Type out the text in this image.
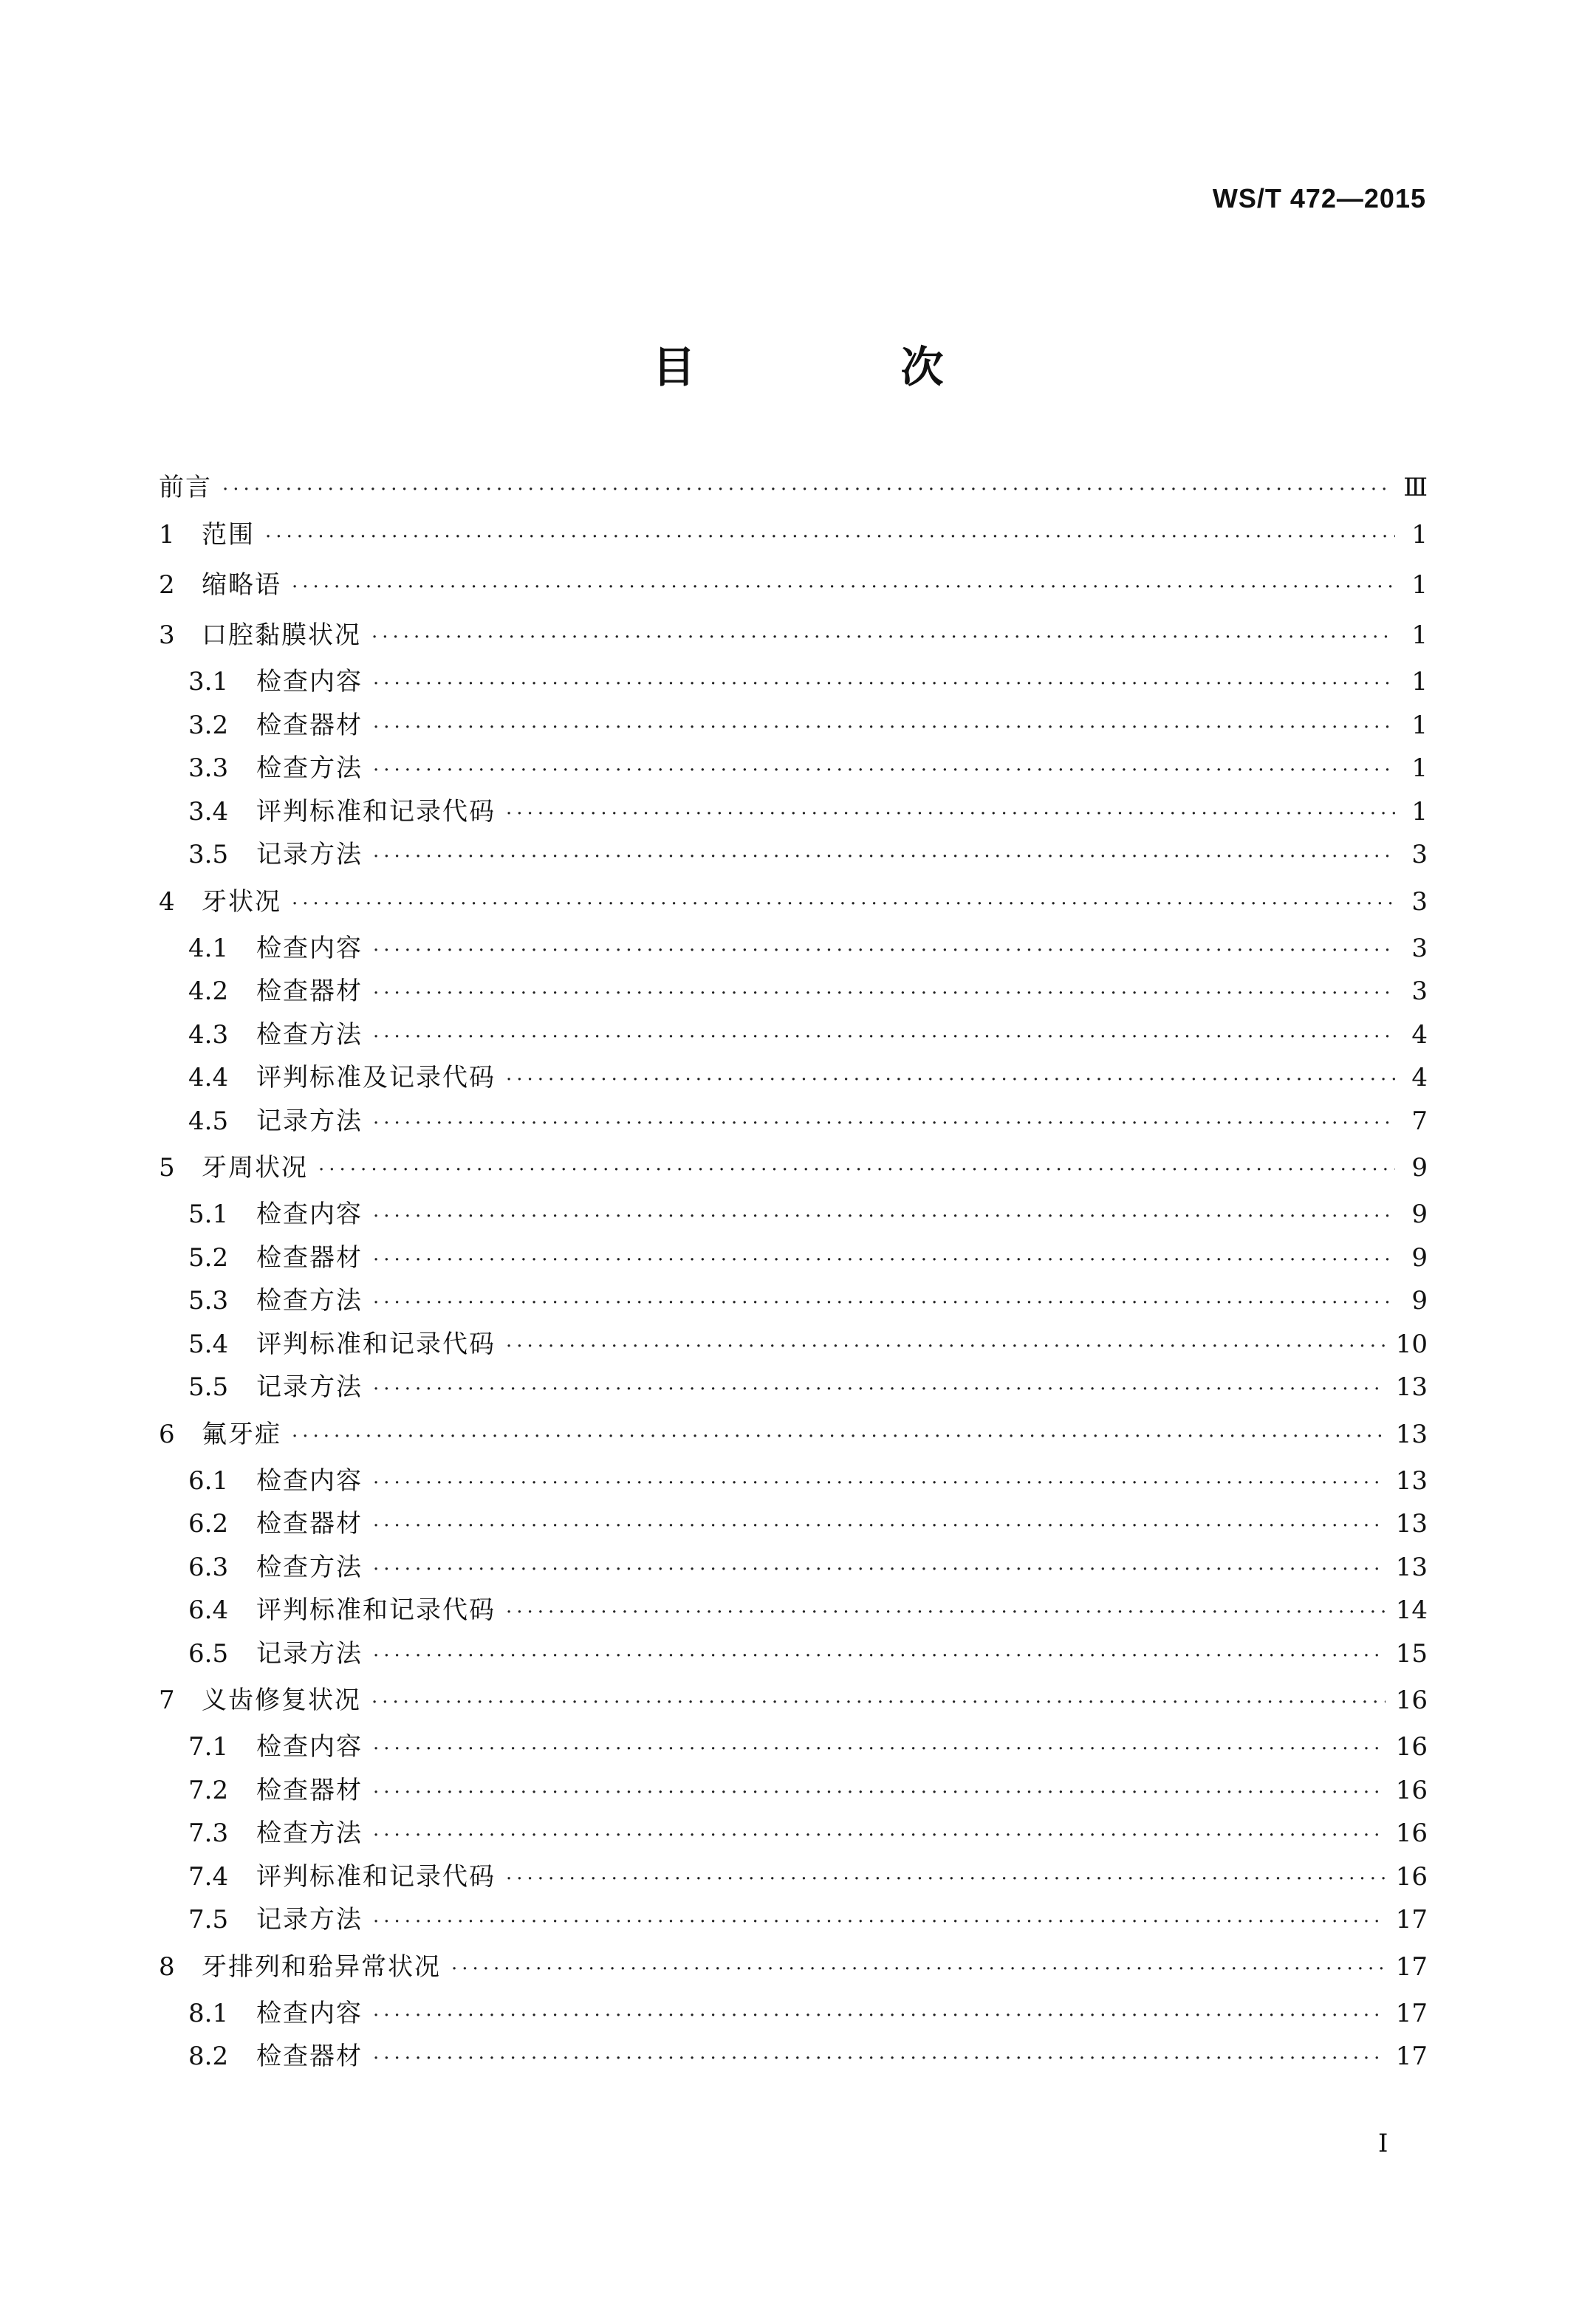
WS/T 472—2015
目　次
前言 ·····	Ⅲ
1	范围 ·····	1
2	缩略语 ·····	1
3	口腔黏膜状况 ·····	1
3.1	检查内容 ·····	1
3.2	检查器材 ·····	1
3.3	检查方法 ·····	1
3.4	评判标准和记录代码 ·····	1
3.5	记录方法 ·····	3
4	牙状况 ·····	3
4.1	检查内容 ·····	3
4.2	检查器材 ·····	3
4.3	检查方法 ·····	4
4.4	评判标准及记录代码 ·····	4
4.5	记录方法 ·····	7
5	牙周状况 ·····	9
5.1	检查内容 ·····	9
5.2	检查器材 ·····	9
5.3	检查方法 ·····	9
5.4	评判标准和记录代码 ·····	10
5.5	记录方法 ·····	13
6	氟牙症 ·····	13
6.1	检查内容 ·····	13
6.2	检查器材 ·····	13
6.3	检查方法 ·····	13
6.4	评判标准和记录代码 ·····	14
6.5	记录方法 ·····	15
7	义齿修复状况 ·····	16
7.1	检查内容 ·····	16
7.2	检查器材 ·····	16
7.3	检查方法 ·····	16
7.4	评判标准和记录代码 ·····	16
7.5	记录方法 ·····	17
8	牙排列和𬌗异常状况 ·····	17
8.1	检查内容 ·····	17
8.2	检查器材 ·····	17
I
